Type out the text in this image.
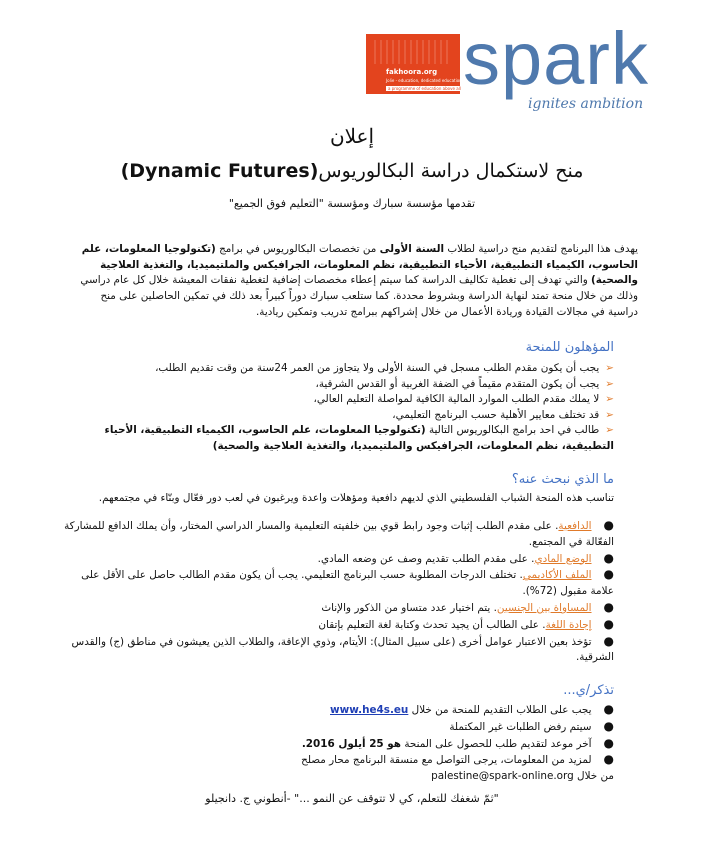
fakhoora.org
Jolie - education, dedicated education
a programme of education above all spark
ignites ambition
إعلان
منح لاستكمال دراسة البكالوريوس(Dynamic Futures)
تقدمها مؤسسة سبارك ومؤسسة "التعليم فوق الجميع"
يهدف هذا البرنامج لتقديم منح دراسية لطلاب السنة الأولى من تخصصات البكالوريوس في برامج (تكنولوجيا المعلومات، علم الحاسوب، الكيمياء التطبيقية، الأحياء التطبيقية، نظم المعلومات، الجرافيكس والملتيميديا، والتغذية العلاجية والصحية) والتي تهدف إلى تغطية تكاليف الدراسة كما سيتم إعطاء مخصصات إضافية لتغطية نفقات المعيشة خلال كل عام دراسي وذلك من خلال منحة تمتد لنهاية الدراسة وبشروط محددة. كما ستلعب سبارك دوراً كبيراً بعد ذلك في تمكين الحاصلين على منح دراسية في مجالات القيادة وريادة الأعمال من خلال إشراكهم ببرامج تدريب وتمكين ريادية.
المؤهلون للمنحة
➢يجب أن يكون مقدم الطلب مسجل في السنة الأولى ولا يتجاوز من العمر 24سنة من وقت تقديم الطلب،
➢يجب أن يكون المتقدم مقيماً في الضفة الغربية أو القدس الشرقية،
➢لا يملك مقدم الطلب الموارد المالية الكافية لمواصلة التعليم العالي،
➢قد تختلف معايير الأهلية حسب البرنامج التعليمي،
➢طالب في احد برامج البكالوريوس التالية (تكنولوجيا المعلومات، علم الحاسوب، الكيمياء التطبيقية، الأحياء التطبيقية، نظم المعلومات، الجرافيكس والملتيميديا، والتغذية العلاجية والصحية)
ما الذي نبحث عنه؟
تناسب هذه المنحة الشباب الفلسطيني الذي لديهم دافعية ومؤهلات واعدة ويرغبون في لعب دور فعّال وبنّاء في مجتمعهم.
●الدافعية. على مقدم الطلب إثبات وجود رابط قوي بين خلفيته التعليمية والمسار الدراسي المختار، وأن يملك الدافع للمشاركة الفعّالة في المجتمع.
●الوضع المادي. على مقدم الطلب تقديم وصف عن وضعه المادي.
●الملف الأكاديمي. تختلف الدرجات المطلوبة حسب البرنامج التعليمي. يجب أن يكون مقدم الطالب حاصل على الأقل على علامة مقبول (72%).
●المساواة بين الجنسين. يتم اختيار عدد متساو من الذكور والإناث
●إجادة اللغة. على الطالب أن يجيد تحدث وكتابة لغة التعليم بإتقان
●تؤخذ بعين الاعتبار عوامل أخرى (على سبيل المثال): الأيتام، وذوي الإعاقة، والطلاب الذين يعيشون في مناطق (ج) والقدس الشرقية.
تذكر/ي...
●يجب على الطلاب التقديم للمنحة من خلال www.he4s.eu
●سيتم رفض الطلبات غير المكتملة
●آخر موعد لتقديم طلب للحصول على المنحة هو 25 أيلول 2016.
●لمزيد من المعلومات، يرجى التواصل مع منسقة البرنامج محار مصلح
من خلال palestine@spark-online.org
"ثمّ شغفك للتعلم، كي لا تتوقف عن النمو ..." -أنطوني ج. دانجيلو
